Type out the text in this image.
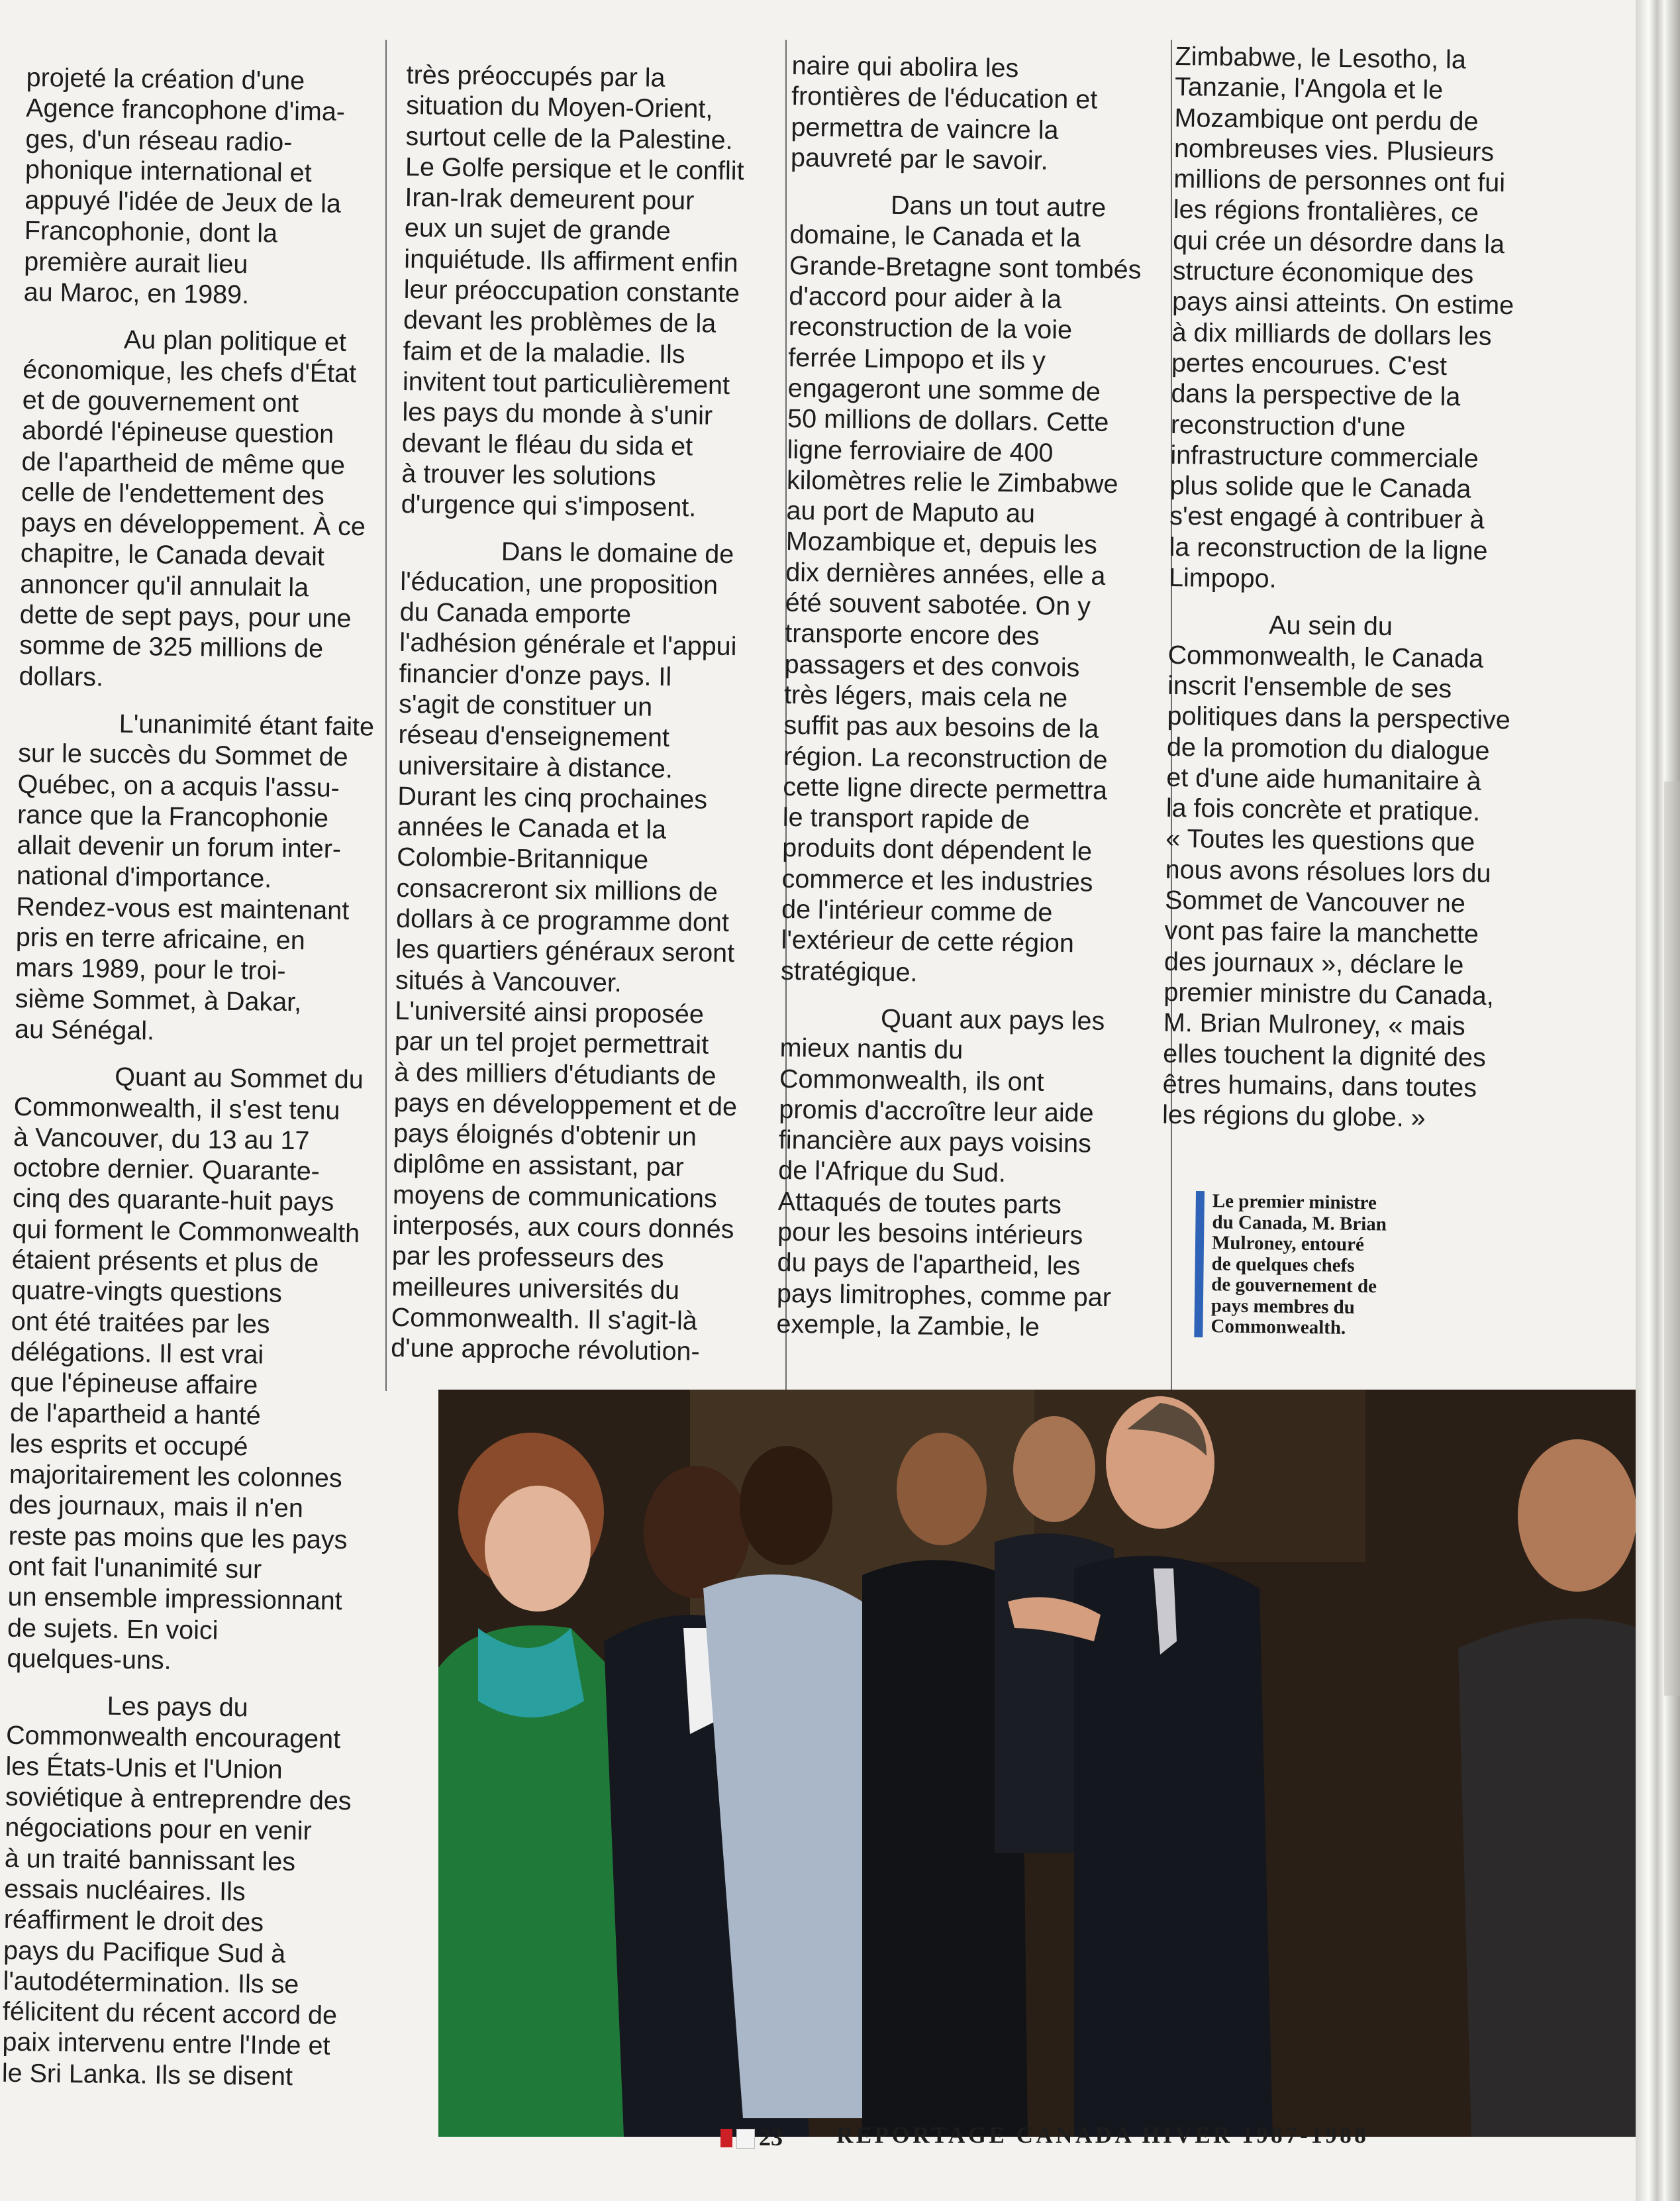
projeté la création d'une
Agence francophone d'ima-
ges, d'un réseau radio-
phonique international et
appuyé l'idée de Jeux de la
Francophonie, dont la
première aurait lieu
au Maroc, en 1989.

Au plan politique et
économique, les chefs d'État
et de gouvernement ont
abordé l'épineuse question
de l'apartheid de même que
celle de l'endettement des
pays en développement. À ce
chapitre, le Canada devait
annoncer qu'il annulait la
dette de sept pays, pour une
somme de 325 millions de
dollars.

L'unanimité étant faite
sur le succès du Sommet de
Québec, on a acquis l'assu-
rance que la Francophonie
allait devenir un forum inter-
national d'importance.
Rendez-vous est maintenant
pris en terre africaine, en
mars 1989, pour le troi-
sième Sommet, à Dakar,
au Sénégal.

Quant au Sommet du
Commonwealth, il s'est tenu
à Vancouver, du 13 au 17
octobre dernier. Quarante-
cinq des quarante-huit pays
qui forment le Commonwealth
étaient présents et plus de
quatre-vingts questions
ont été traitées par les
délégations. Il est vrai
que l'épineuse affaire
de l'apartheid a hanté
les esprits et occupé
majoritairement les colonnes
des journaux, mais il n'en
reste pas moins que les pays
ont fait l'unanimité sur
un ensemble impressionnant
de sujets. En voici
quelques-uns.

Les pays du
Commonwealth encouragent
les États-Unis et l'Union
soviétique à entreprendre des
négociations pour en venir
à un traité bannissant les
essais nucléaires. Ils
réaffirment le droit des
pays du Pacifique Sud à
l'autodétermination. Ils se
félicitent du récent accord de
paix intervenu entre l'Inde et
le Sri Lanka. Ils se disent

très préoccupés par la
situation du Moyen-Orient,
surtout celle de la Palestine.
Le Golfe persique et le conflit
Iran-Irak demeurent pour
eux un sujet de grande
inquiétude. Ils affirment enfin
leur préoccupation constante
devant les problèmes de la
faim et de la maladie. Ils
invitent tout particulièrement
les pays du monde à s'unir
devant le fléau du sida et
à trouver les solutions
d'urgence qui s'imposent.

Dans le domaine de
l'éducation, une proposition
du Canada emporte
l'adhésion générale et l'appui
financier d'onze pays. Il
s'agit de constituer un
réseau d'enseignement
universitaire à distance.
Durant les cinq prochaines
années le Canada et la
Colombie-Britannique
consacreront six millions de
dollars à ce programme dont
les quartiers généraux seront
situés à Vancouver.
L'université ainsi proposée
par un tel projet permettrait
à des milliers d'étudiants de
pays en développement et de
pays éloignés d'obtenir un
diplôme en assistant, par
moyens de communications
interposés, aux cours donnés
par les professeurs des
meilleures universités du
Commonwealth. Il s'agit-là
d'une approche révolution-

naire qui abolira les
frontières de l'éducation et
permettra de vaincre la
pauvreté par le savoir.

Dans un tout autre
domaine, le Canada et la
Grande-Bretagne sont tombés
d'accord pour aider à la
reconstruction de la voie
ferrée Limpopo et ils y
engageront une somme de
50 millions de dollars. Cette
ligne ferroviaire de 400
kilomètres relie le Zimbabwe
au port de Maputo au
Mozambique et, depuis les
dix dernières années, elle a
été souvent sabotée. On y
transporte encore des
passagers et des convois
très légers, mais cela ne
suffit pas aux besoins de la
région. La reconstruction de
cette ligne directe permettra
le transport rapide de
produits dont dépendent le
commerce et les industries
de l'intérieur comme de
l'extérieur de cette région
stratégique.

Quant aux pays les
mieux nantis du
Commonwealth, ils ont
promis d'accroître leur aide
financière aux pays voisins
de l'Afrique du Sud.
Attaqués de toutes parts
pour les besoins intérieurs
du pays de l'apartheid, les
pays limitrophes, comme par
exemple, la Zambie, le

Zimbabwe, le Lesotho, la
Tanzanie, l'Angola et le
Mozambique ont perdu de
nombreuses vies. Plusieurs
millions de personnes ont fui
les régions frontalières, ce
qui crée un désordre dans la
structure économique des
pays ainsi atteints. On estime
à dix milliards de dollars les
pertes encourues. C'est
dans la perspective de la
reconstruction d'une
infrastructure commerciale
plus solide que le Canada
s'est engagé à contribuer à
la reconstruction de la ligne
Limpopo.

Au sein du
Commonwealth, le Canada
inscrit l'ensemble de ses
politiques dans la perspective
de la promotion du dialogue
et d'une aide humanitaire à
la fois concrète et pratique.
« Toutes les questions que
nous avons résolues lors du
Sommet de Vancouver ne
vont pas faire la manchette
des journaux », déclare le
premier ministre du Canada,
M. Brian Mulroney, « mais
elles touchent la dignité des
êtres humains, dans toutes
les régions du globe. »

Le premier ministre
du Canada, M. Brian
Mulroney, entouré
de quelques chefs
de gouvernement de
pays membres du
Commonwealth.
23 REPORTAGE CANADA HIVER 1987-1988
